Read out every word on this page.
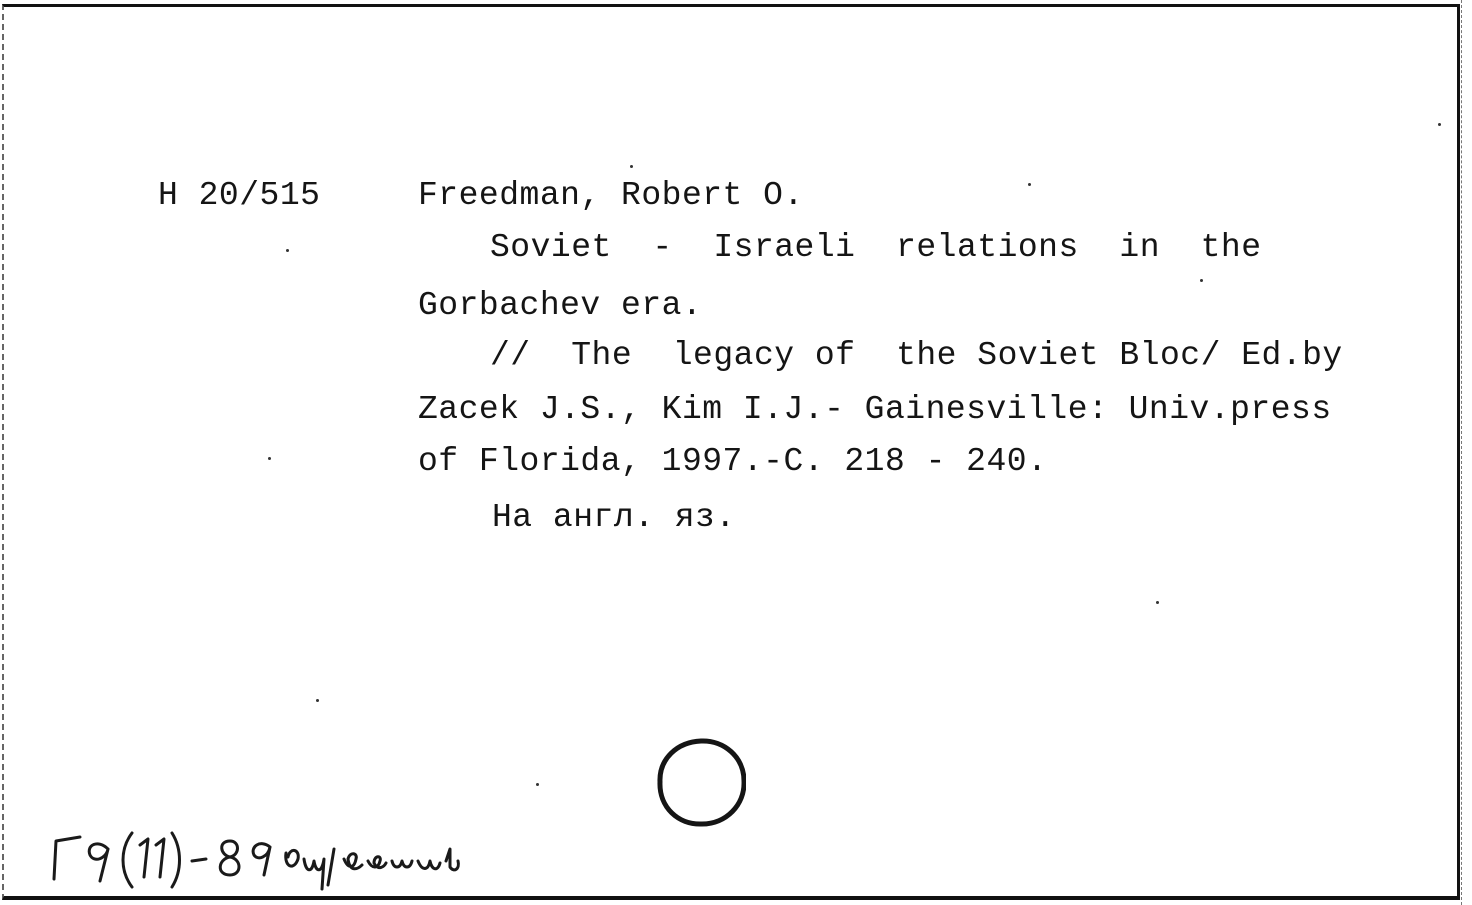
Н 20/515	Freedman, Robert O.
Soviet  -  Israeli  relations  in  the
Gorbachev era.
//  The  legacy of  the Soviet Bloc/ Ed.by
Zacek J.S., Kim I.J.- Gainesville: Univ.press
of Florida, 1997.-С. 218 - 240.
На англ. яз.
